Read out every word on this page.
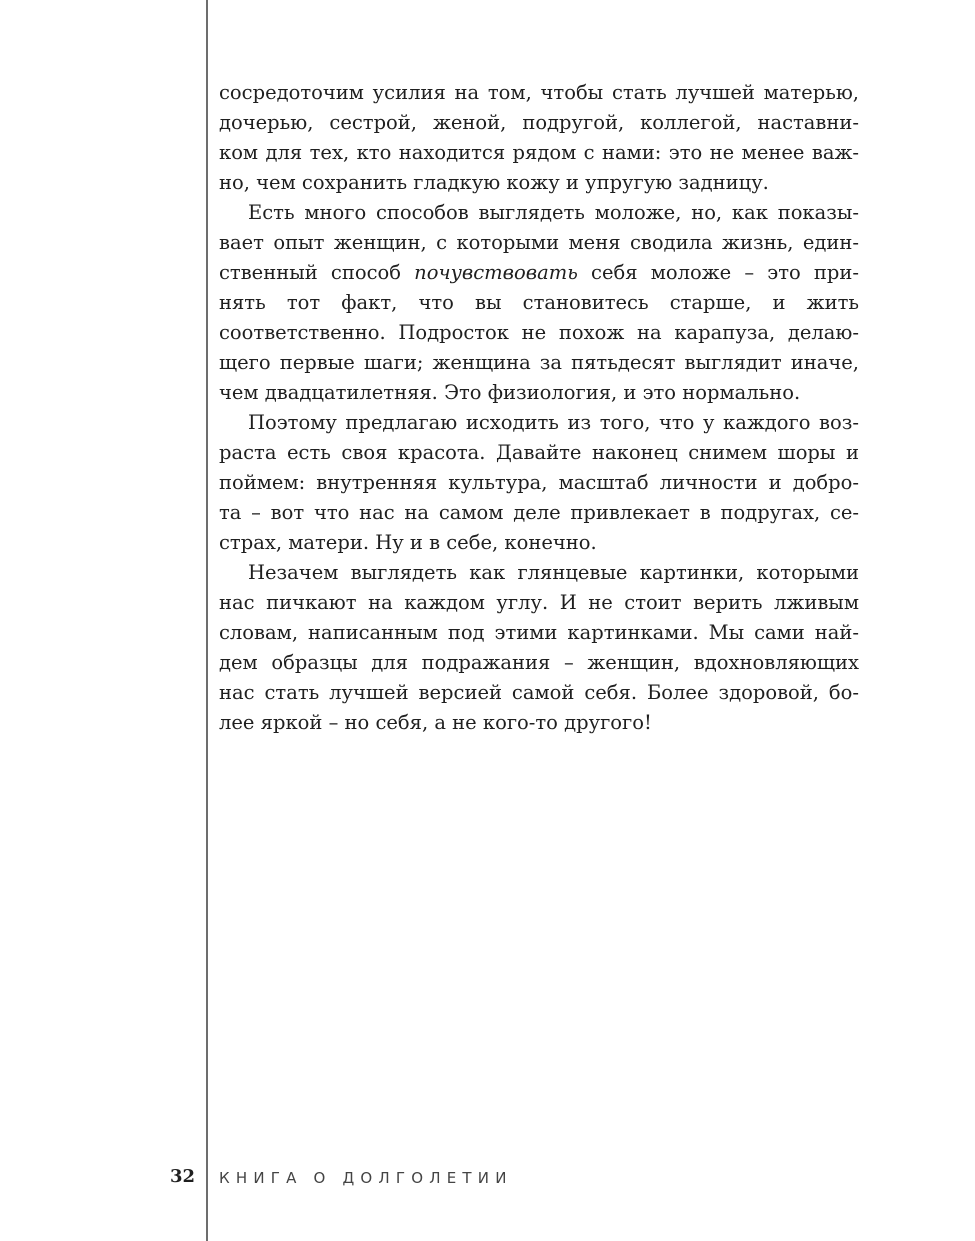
сосредоточим усилия на том, чтобы стать лучшей матерью,
дочерью, сестрой, женой, подругой, коллегой, наставни-
ком для тех, кто находится рядом с нами: это не менее важ-
но, чем сохранить гладкую кожу и упругую задницу.

Есть много способов выглядеть моложе, но, как показы-
вает опыт женщин, с которыми меня сводила жизнь, един-
ственный способ почувствовать себя моложе – это при-
нять тот факт, что вы становитесь старше, и жить
соответственно. Подросток не похож на карапуза, делаю-
щего первые шаги; женщина за пятьдесят выглядит иначе,
чем двадцатилетняя. Это физиология, и это нормально.

Поэтому предлагаю исходить из того, что у каждого воз-
раста есть своя красота. Давайте наконец снимем шоры и
поймем: внутренняя культура, масштаб личности и добро-
та – вот что нас на самом деле привлекает в подругах, се-
страх, матери. Ну и в себе, конечно.

Незачем выглядеть как глянцевые картинки, которыми
нас пичкают на каждом углу. И не стоит верить лживым
словам, написанным под этими картинками. Мы сами най-
дем образцы для подражания – женщин, вдохновляющих
нас стать лучшей версией самой себя. Более здоровой, бо-
лее яркой – но себя, а не кого-то другого!

32 КНИГА О ДОЛГОЛЕТИИ
